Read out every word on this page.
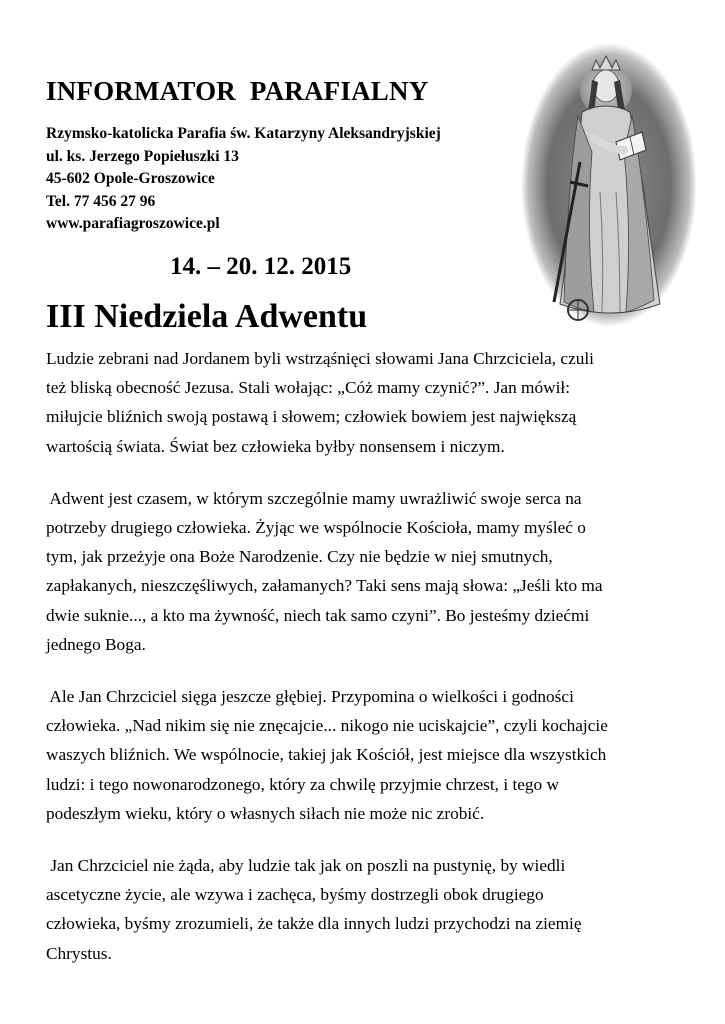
INFORMATOR  PARAFIALNY
Rzymsko-katolicka Parafia św. Katarzyny Aleksandryjskiej
ul. ks. Jerzego Popiełuszki 13
45-602 Opole-Groszowice
Tel. 77 456 27 96
www.parafiagroszowice.pl
14. – 20. 12. 2015
III Niedziela Adwentu
Ludzie zebrani nad Jordanem byli wstrząśnięci słowami Jana Chrzciciela, czuli
też bliską obecność Jezusa. Stali wołając: „Cóż mamy czynić?”. Jan mówił:
miłujcie bliźnich swoją postawą i słowem; człowiek bowiem jest największą
wartością świata. Świat bez człowieka byłby nonsensem i niczym.
Adwent jest czasem, w którym szczególnie mamy uwrażliwić swoje serca na
potrzeby drugiego człowieka. Żyjąc we wspólnocie Kościoła, mamy myśleć o
tym, jak przeżyje ona Boże Narodzenie. Czy nie będzie w niej smutnych,
zapłakanych, nieszczęśliwych, załamanych? Taki sens mają słowa: „Jeśli kto ma
dwie suknie..., a kto ma żywność, niech tak samo czyni”. Bo jesteśmy dziećmi
jednego Boga.
Ale Jan Chrzciciel sięga jeszcze głębiej. Przypomina o wielkości i godności
człowieka. „Nad nikim się nie znęcajcie... nikogo nie uciskajcie”, czyli kochajcie
waszych bliźnich. We wspólnocie, takiej jak Kościół, jest miejsce dla wszystkich
ludzi: i tego nowonarodzonego, który za chwilę przyjmie chrzest, i tego w
podeszłym wieku, który o własnych siłach nie może nic zrobić.
Jan Chrzciciel nie żąda, aby ludzie tak jak on poszli na pustynię, by wiedli
ascetyczne życie, ale wzywa i zachęca, byśmy dostrzegli obok drugiego
człowieka, byśmy zrozumieli, że także dla innych ludzi przychodzi na ziemię
Chrystus.
